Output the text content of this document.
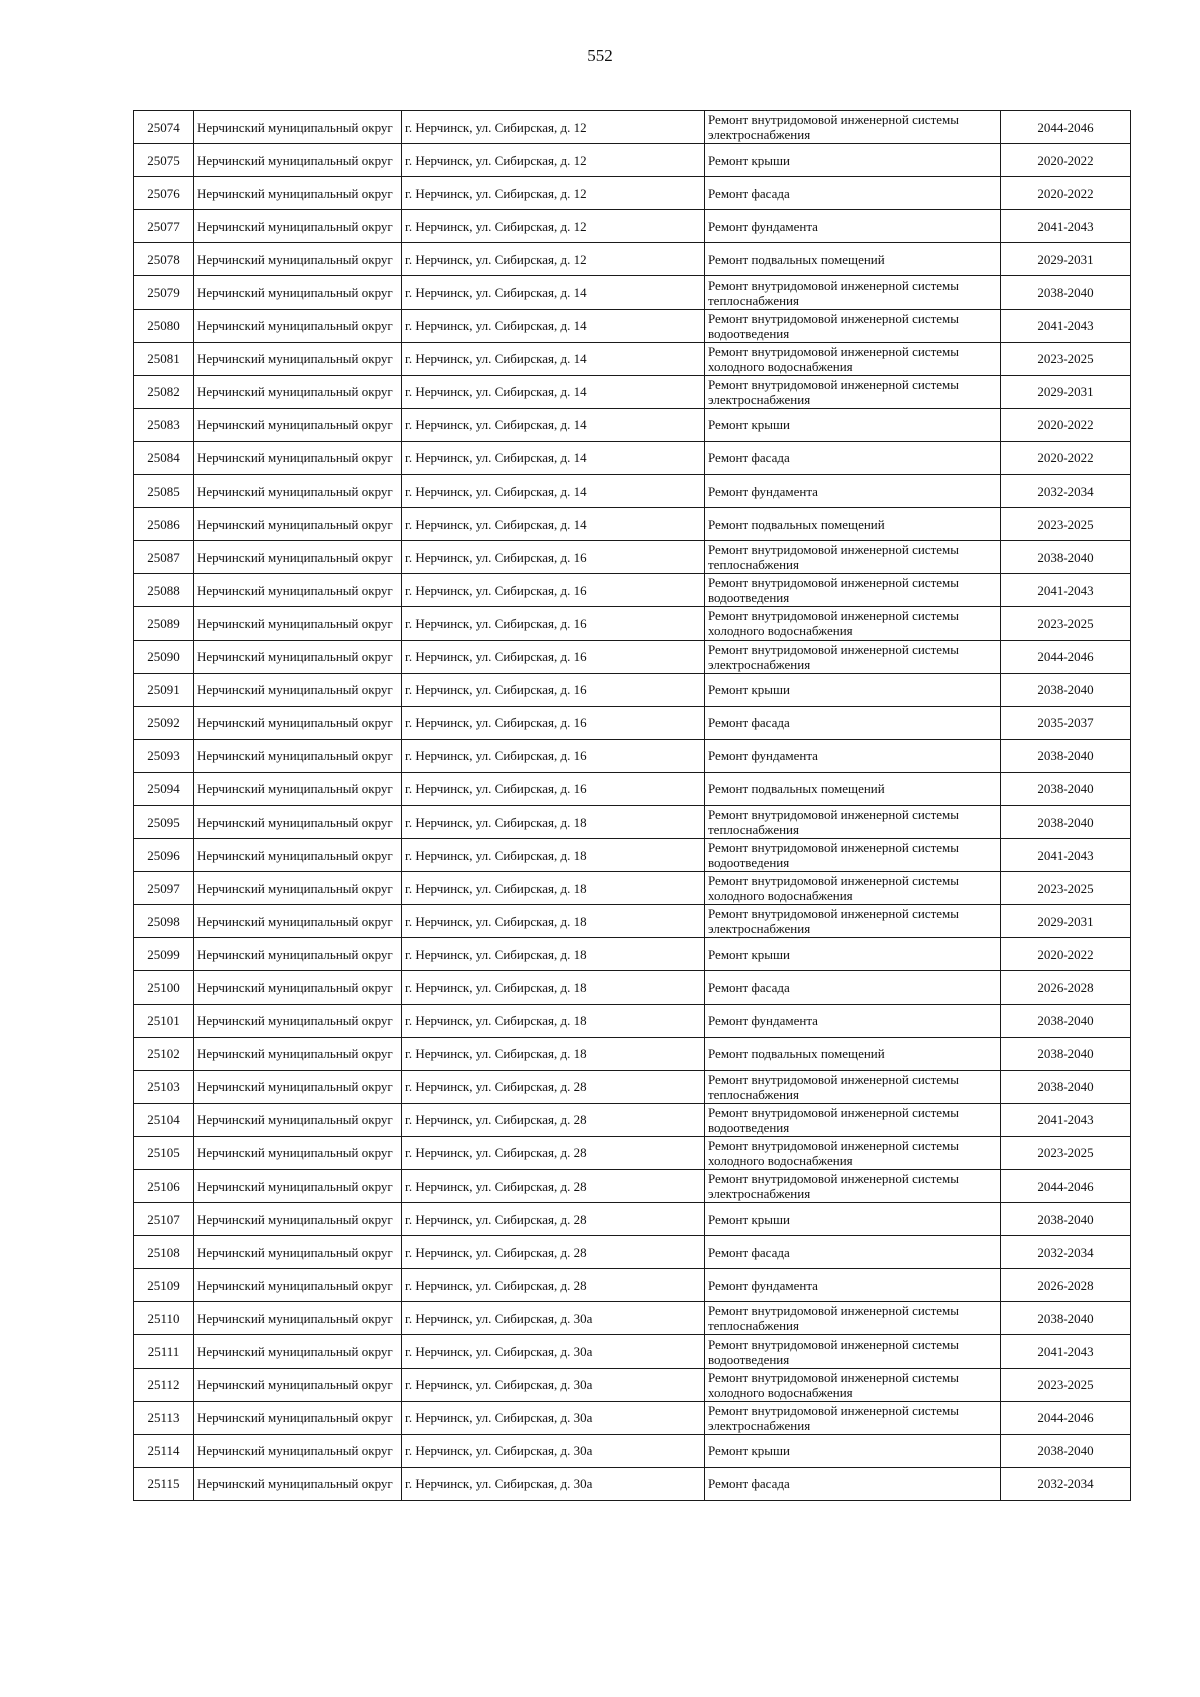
552
25074	Нерчинский муниципальный округ	г. Нерчинск, ул. Сибирская, д. 12	Ремонт внутридомовой инженерной системы электроснабжения	2044-2046
25075	Нерчинский муниципальный округ	г. Нерчинск, ул. Сибирская, д. 12	Ремонт крыши	2020-2022
25076	Нерчинский муниципальный округ	г. Нерчинск, ул. Сибирская, д. 12	Ремонт фасада	2020-2022
25077	Нерчинский муниципальный округ	г. Нерчинск, ул. Сибирская, д. 12	Ремонт фундамента	2041-2043
25078	Нерчинский муниципальный округ	г. Нерчинск, ул. Сибирская, д. 12	Ремонт подвальных помещений	2029-2031
25079	Нерчинский муниципальный округ	г. Нерчинск, ул. Сибирская, д. 14	Ремонт внутридомовой инженерной системы теплоснабжения	2038-2040
25080	Нерчинский муниципальный округ	г. Нерчинск, ул. Сибирская, д. 14	Ремонт внутридомовой инженерной системы водоотведения	2041-2043
25081	Нерчинский муниципальный округ	г. Нерчинск, ул. Сибирская, д. 14	Ремонт внутридомовой инженерной системы холодного водоснабжения	2023-2025
25082	Нерчинский муниципальный округ	г. Нерчинск, ул. Сибирская, д. 14	Ремонт внутридомовой инженерной системы электроснабжения	2029-2031
25083	Нерчинский муниципальный округ	г. Нерчинск, ул. Сибирская, д. 14	Ремонт крыши	2020-2022
25084	Нерчинский муниципальный округ	г. Нерчинск, ул. Сибирская, д. 14	Ремонт фасада	2020-2022
25085	Нерчинский муниципальный округ	г. Нерчинск, ул. Сибирская, д. 14	Ремонт фундамента	2032-2034
25086	Нерчинский муниципальный округ	г. Нерчинск, ул. Сибирская, д. 14	Ремонт подвальных помещений	2023-2025
25087	Нерчинский муниципальный округ	г. Нерчинск, ул. Сибирская, д. 16	Ремонт внутридомовой инженерной системы теплоснабжения	2038-2040
25088	Нерчинский муниципальный округ	г. Нерчинск, ул. Сибирская, д. 16	Ремонт внутридомовой инженерной системы водоотведения	2041-2043
25089	Нерчинский муниципальный округ	г. Нерчинск, ул. Сибирская, д. 16	Ремонт внутридомовой инженерной системы холодного водоснабжения	2023-2025
25090	Нерчинский муниципальный округ	г. Нерчинск, ул. Сибирская, д. 16	Ремонт внутридомовой инженерной системы электроснабжения	2044-2046
25091	Нерчинский муниципальный округ	г. Нерчинск, ул. Сибирская, д. 16	Ремонт крыши	2038-2040
25092	Нерчинский муниципальный округ	г. Нерчинск, ул. Сибирская, д. 16	Ремонт фасада	2035-2037
25093	Нерчинский муниципальный округ	г. Нерчинск, ул. Сибирская, д. 16	Ремонт фундамента	2038-2040
25094	Нерчинский муниципальный округ	г. Нерчинск, ул. Сибирская, д. 16	Ремонт подвальных помещений	2038-2040
25095	Нерчинский муниципальный округ	г. Нерчинск, ул. Сибирская, д. 18	Ремонт внутридомовой инженерной системы теплоснабжения	2038-2040
25096	Нерчинский муниципальный округ	г. Нерчинск, ул. Сибирская, д. 18	Ремонт внутридомовой инженерной системы водоотведения	2041-2043
25097	Нерчинский муниципальный округ	г. Нерчинск, ул. Сибирская, д. 18	Ремонт внутридомовой инженерной системы холодного водоснабжения	2023-2025
25098	Нерчинский муниципальный округ	г. Нерчинск, ул. Сибирская, д. 18	Ремонт внутридомовой инженерной системы электроснабжения	2029-2031
25099	Нерчинский муниципальный округ	г. Нерчинск, ул. Сибирская, д. 18	Ремонт крыши	2020-2022
25100	Нерчинский муниципальный округ	г. Нерчинск, ул. Сибирская, д. 18	Ремонт фасада	2026-2028
25101	Нерчинский муниципальный округ	г. Нерчинск, ул. Сибирская, д. 18	Ремонт фундамента	2038-2040
25102	Нерчинский муниципальный округ	г. Нерчинск, ул. Сибирская, д. 18	Ремонт подвальных помещений	2038-2040
25103	Нерчинский муниципальный округ	г. Нерчинск, ул. Сибирская, д. 28	Ремонт внутридомовой инженерной системы теплоснабжения	2038-2040
25104	Нерчинский муниципальный округ	г. Нерчинск, ул. Сибирская, д. 28	Ремонт внутридомовой инженерной системы водоотведения	2041-2043
25105	Нерчинский муниципальный округ	г. Нерчинск, ул. Сибирская, д. 28	Ремонт внутридомовой инженерной системы холодного водоснабжения	2023-2025
25106	Нерчинский муниципальный округ	г. Нерчинск, ул. Сибирская, д. 28	Ремонт внутридомовой инженерной системы электроснабжения	2044-2046
25107	Нерчинский муниципальный округ	г. Нерчинск, ул. Сибирская, д. 28	Ремонт крыши	2038-2040
25108	Нерчинский муниципальный округ	г. Нерчинск, ул. Сибирская, д. 28	Ремонт фасада	2032-2034
25109	Нерчинский муниципальный округ	г. Нерчинск, ул. Сибирская, д. 28	Ремонт фундамента	2026-2028
25110	Нерчинский муниципальный округ	г. Нерчинск, ул. Сибирская, д. 30а	Ремонт внутридомовой инженерной системы теплоснабжения	2038-2040
25111	Нерчинский муниципальный округ	г. Нерчинск, ул. Сибирская, д. 30а	Ремонт внутридомовой инженерной системы водоотведения	2041-2043
25112	Нерчинский муниципальный округ	г. Нерчинск, ул. Сибирская, д. 30а	Ремонт внутридомовой инженерной системы холодного водоснабжения	2023-2025
25113	Нерчинский муниципальный округ	г. Нерчинск, ул. Сибирская, д. 30а	Ремонт внутридомовой инженерной системы электроснабжения	2044-2046
25114	Нерчинский муниципальный округ	г. Нерчинск, ул. Сибирская, д. 30а	Ремонт крыши	2038-2040
25115	Нерчинский муниципальный округ	г. Нерчинск, ул. Сибирская, д. 30а	Ремонт фасада	2032-2034
